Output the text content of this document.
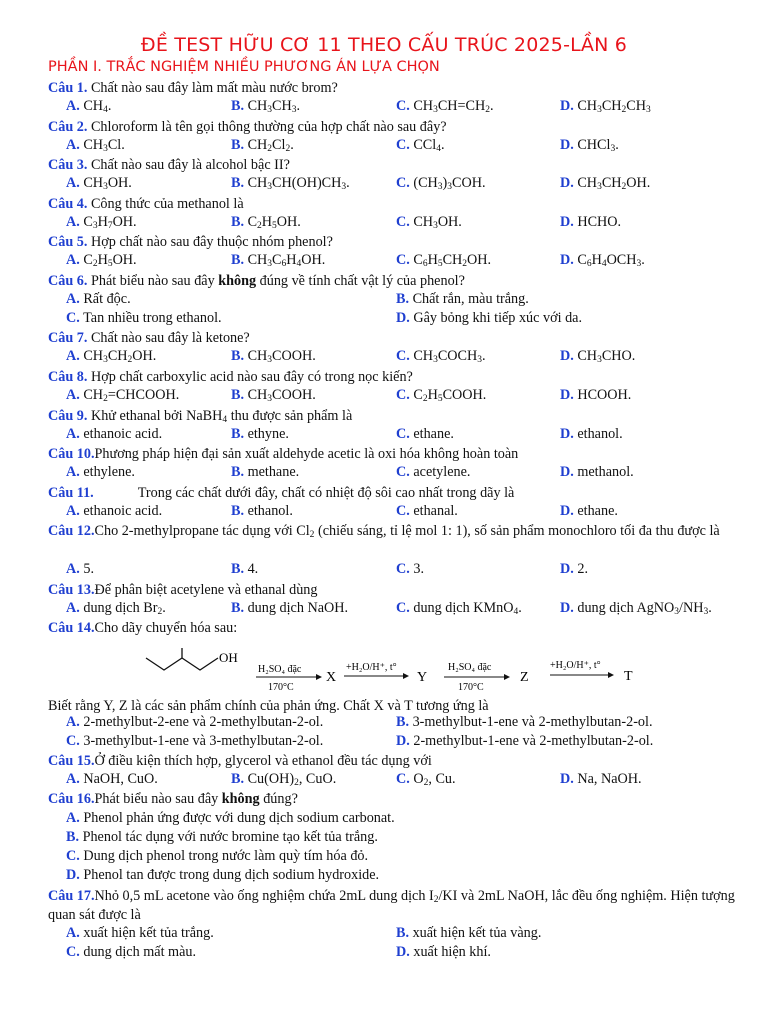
ĐỀ TEST HỮU CƠ 11 THEO CẤU TRÚC 2025-LẦN 6
PHẦN I. TRẮC NGHIỆM NHIỀU PHƯƠNG ÁN LỰA CHỌN
Câu 1. Chất nào sau đây làm mất màu nước brom?
A. $CH_4$.	B. $CH_3CH_3$.	C. $CH_3CH=CH_2$.	D. $CH_3CH_2CH_3$
Câu 2. Chloroform là tên gọi thông thường của hợp chất nào sau đây?
A. $CH_3Cl$.	B. $CH_2Cl_2$.	C. CCl$_4$.	D. CHCl$_3$.
Câu 3. Chất nào sau đây là alcohol bậc II?
A. $CH_3OH$.	B. $CH_3CH(OH)CH_3$.	C. $(CH_3)_3COH$.	D. $CH_3CH_2OH$.
Câu 4. Công thức của methanol là
A. $C_3H_7OH$.	B. $C_2H_5OH$.	C. $CH_3OH$.	D. HCHO.
Câu 5. Hợp chất nào sau đây thuộc nhóm phenol?
A. $C_2H_5OH$.	B. $CH_3C_6H_4OH$.	C. $C_6H_5CH_2OH$.	D. $C_6H_4OCH_3$.
Câu 6. Phát biểu nào sau đây không đúng về tính chất vật lý của phenol?
A. Rất độc.	B. Chất rắn, màu trắng.
C. Tan nhiều trong ethanol.	D. Gây bỏng khi tiếp xúc với da.
Câu 7. Chất nào sau đây là ketone?
A. $CH_3CH_2OH$.	B. $CH_3COOH$.	C. $CH_3COCH_3$.	D. $CH_3CHO$.
Câu 8. Hợp chất carboxylic acid nào sau đây có trong nọc kiến?
A. $CH_2=CHCOOH$.	B. $CH_3COOH$.	C. $C_2H_5COOH$.	D. HCOOH.
Câu 9. Khử ethanal bởi NaBH$_4$ thu được sản phẩm là
A. ethanoic acid.	B. ethyne.	C. ethane.	D. ethanol.
Câu 10.Phương pháp hiện đại sản xuất aldehyde acetic là oxi hóa không hoàn toàn
A. ethylene.	B. methane.	C. acetylene.	D. methanol.
Câu 11.	Trong các chất dưới đây, chất có nhiệt độ sôi cao nhất trong dãy là
A. ethanoic acid.	B. ethanol.	C. ethanal.	D. ethane.
Câu 12.Cho 2-methylpropane tác dụng với $Cl_2$ (chiếu sáng, tỉ lệ mol 1: 1), số sản phẩm monochloro tối đa thu được là
A. 5.	B. 4.	C. 3.	D. 2.
Câu 13.Để phân biệt acetylene và ethanal dùng
A. dung dịch $Br_2$.	B. dung dịch NaOH.	C. dung dịch KMnO$_4$.	D. dung dịch $AgNO_3/NH_3$.
Câu 14.Cho dãy chuyển hóa sau:
OH
H₂SO₄ đặc
170°C
X
+H₂O/H⁺, t°
Y
H₂SO₄ đặc
170°C
Z
+H₂O/H⁺, t°
T
Biết rằng Y, Z là các sản phẩm chính của phản ứng. Chất X và T tương ứng là
A. 2-methylbut-2-ene và 2-methylbutan-2-ol.	B. 3-methylbut-1-ene và 2-methylbutan-2-ol.
C. 3-methylbut-1-ene và 3-methylbutan-2-ol.	D. 2-methylbut-1-ene và 2-methylbutan-2-ol.
Câu 15.Ở điều kiện thích hợp, glycerol và ethanol đều tác dụng với
A. NaOH, CuO.	B. $Cu(OH)_2$, CuO.	C. $O_2$, Cu.	D. Na, NaOH.
Câu 16.Phát biểu nào sau đây không đúng?
A. Phenol phản ứng được với dung dịch sodium carbonat.
B. Phenol tác dụng với nước bromine tạo kết tủa trắng.
C. Dung dịch phenol trong nước làm quỳ tím hóa đỏ.
D. Phenol tan được trong dung dịch sodium hydroxide.
Câu 17.Nhỏ 0,5 mL acetone vào ống nghiệm chứa 2mL dung dịch $I_2/KI$ và 2mL NaOH, lắc đều ống nghiệm. Hiện tượng quan sát được là
A. xuất hiện kết tủa trắng.	B. xuất hiện kết tủa vàng.
C. dung dịch mất màu.	D. xuất hiện khí.
